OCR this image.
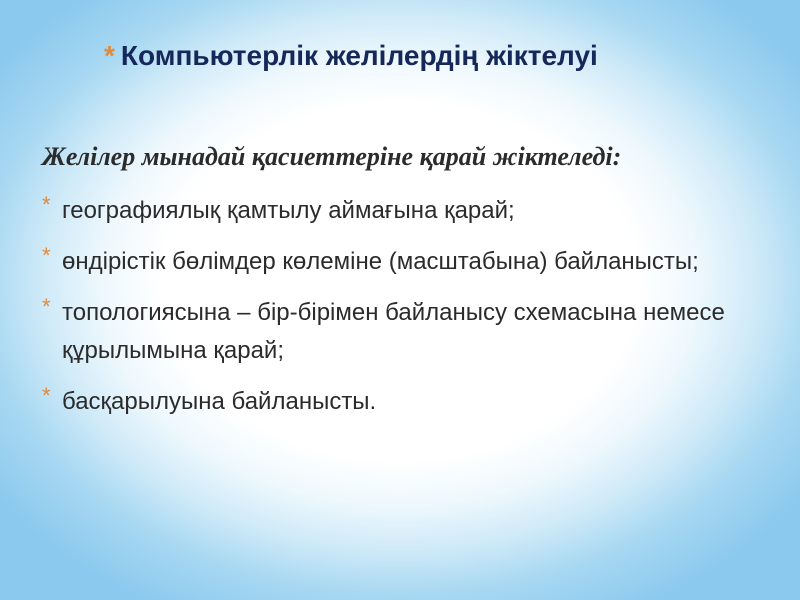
* Компьютерлік желілердің жіктелуі
Желілер мынадай қасиеттеріне қарай жіктеледі:
* географиялық қамтылу аймағына қарай;
* өндірістік бөлімдер көлеміне (масштабына) байланысты;
* топологиясына – бір-бірімен байланысу схемасына немесе құрылымына қарай;
* басқарылуына байланысты.
